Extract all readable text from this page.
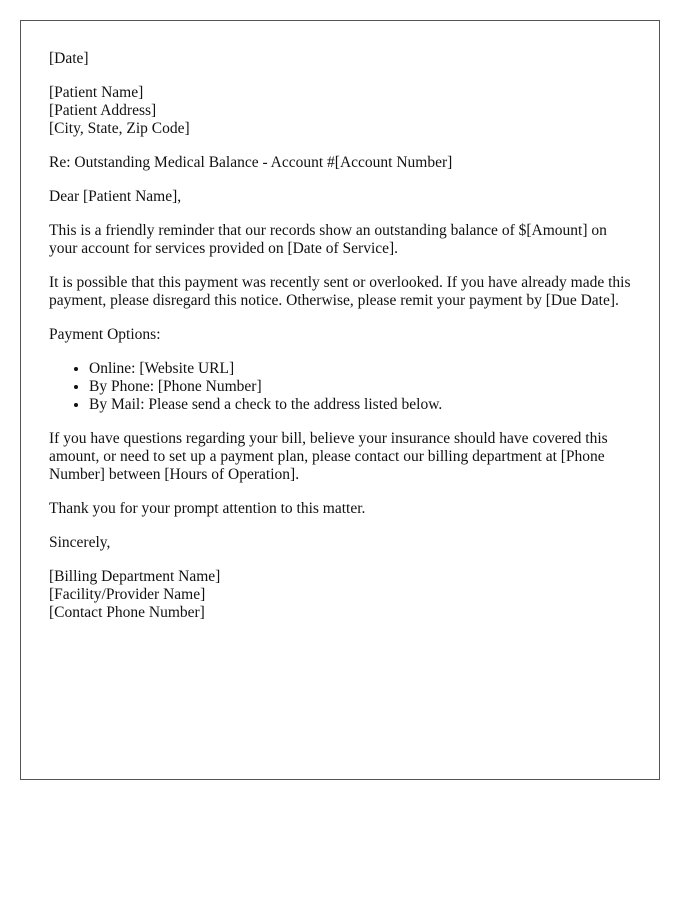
[Date]

[Patient Name]
[Patient Address]
[City, State, Zip Code]

Re: Outstanding Medical Balance - Account #[Account Number]

Dear [Patient Name],

This is a friendly reminder that our records show an outstanding balance of $[Amount] on your account for services provided on [Date of Service].

It is possible that this payment was recently sent or overlooked. If you have already made this payment, please disregard this notice. Otherwise, please remit your payment by [Due Date].

Payment Options:

• Online: [Website URL]
• By Phone: [Phone Number]
• By Mail: Please send a check to the address listed below.

If you have questions regarding your bill, believe your insurance should have covered this amount, or need to set up a payment plan, please contact our billing department at [Phone Number] between [Hours of Operation].

Thank you for your prompt attention to this matter.

Sincerely,

[Billing Department Name]
[Facility/Provider Name]
[Contact Phone Number]
